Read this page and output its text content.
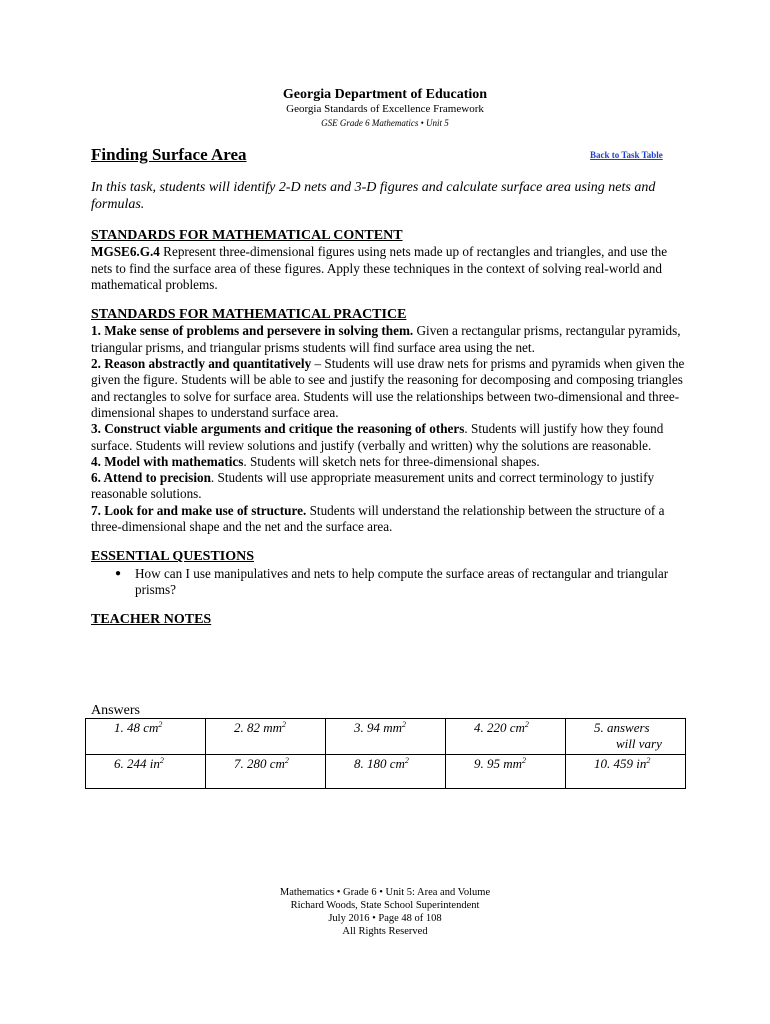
Georgia Department of Education
Georgia Standards of Excellence Framework
GSE Grade 6 Mathematics • Unit 5
Finding Surface Area	Back to Task Table
In this task, students will identify 2-D nets and 3-D figures and calculate surface area using nets and formulas.

STANDARDS FOR MATHEMATICAL CONTENT

MGSE6.G.4 Represent three-dimensional figures using nets made up of rectangles and triangles, and use the nets to find the surface area of these figures. Apply these techniques in the context of solving real-world and mathematical problems.

STANDARDS FOR MATHEMATICAL PRACTICE

1. Make sense of problems and persevere in solving them. Given a rectangular prisms, rectangular pyramids, triangular prisms, and triangular prisms students will find surface area using the net.

2. Reason abstractly and quantitatively – Students will use draw nets for prisms and pyramids when given the given the figure. Students will be able to see and justify the reasoning for decomposing and composing triangles and rectangles to solve for surface area. Students will use the relationships between two-dimensional and three-dimensional shapes to understand surface area.

3. Construct viable arguments and critique the reasoning of others. Students will justify how they found surface. Students will review solutions and justify (verbally and written) why the solutions are reasonable.

4. Model with mathematics. Students will sketch nets for three-dimensional shapes.

6. Attend to precision. Students will use appropriate measurement units and correct terminology to justify reasonable solutions.

7. Look for and make use of structure. Students will understand the relationship between the structure of a three-dimensional shape and the net and the surface area.

ESSENTIAL QUESTIONS

●	How can I use manipulatives and nets to help compute the surface areas of rectangular and triangular prisms?

TEACHER NOTES

Answers
1. 48 $cm^2$	2. 82 $mm^2$	3. 94 $mm^2$	4. 220 $cm^2$	5. answers
will vary

6. 244 $in^2$	7. 280 $cm^2$	8. 180 $cm^2$	9. 95 $mm^2$	10. 459 $in^2$
Mathematics • Grade 6 • Unit 5: Area and Volume
Richard Woods, State School Superintendent
July 2016 • Page 48 of 108
All Rights Reserved
